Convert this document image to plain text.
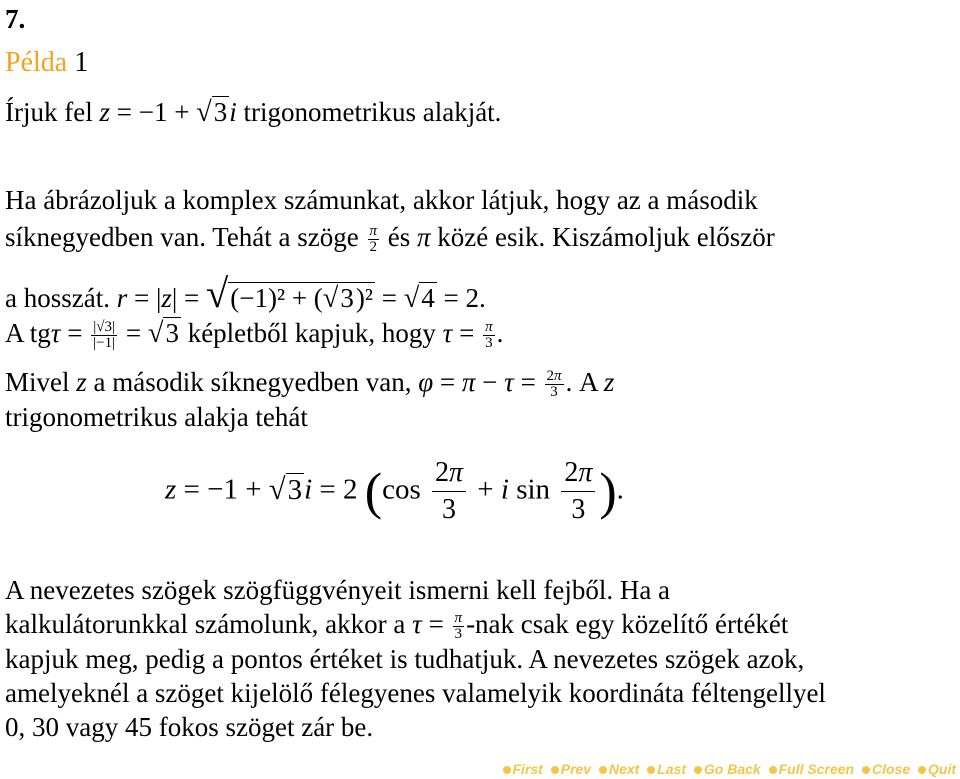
7.
Példa 1
Írjuk fel z = −1 + √3i trigonometrikus alakját.
Ha ábrázoljuk a komplex számunkat, akkor látjuk, hogy az a második
síknegyedben van. Tehát a szöge $\frac{\pi}{2}$ és π közé esik. Kiszámoljuk először
a hosszát. r = |z| = √(−1)² + (√3)² = √4 = 2.
A $tg\tau = \frac{|√3|}{|-1|} = √3$ képletből kapjuk, hogy $\tau = \frac{\pi}{3}$ .
Mivel z a második síknegyedben van, $\varphi = \pi - \tau = \frac{2\pi}{3}$ . A z
trigonometrikus alakja tehát
z = −1 + √3i = 2 ($\cos \frac{2\pi}{3} + i$ $\sin \frac{2\pi}{3}$ ).
A nevezetes szögek szögfüggvényeit ismerni kell fejből. Ha a
kalkulátorunkkal számolunk, akkor a $\tau = \frac{\pi}{3} -nak$ csak egy közelítő értékét
kapjuk meg, pedig a pontos értéket is tudhatjuk. A nevezetes szögek azok,
amelyeknél a szöget kijelölő félegyenes valamelyik koordináta féltengellyel
0, 30 vagy 45 fokos szöget zár be.
First Prev Next Last Go Back Full Screen Close Quit
